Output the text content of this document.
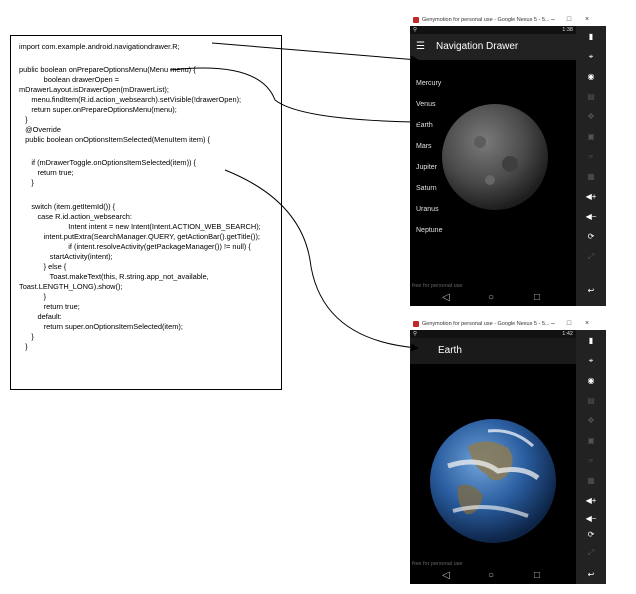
import com.example.android.navigationdrawer.R;
public boolean onPrepareOptionsMenu(Menu menu) {
boolean drawerOpen =
mDrawerLayout.isDrawerOpen(mDrawerList);
menu.findItem(R.id.action_websearch).setVisible(!drawerOpen);
return super.onPrepareOptionsMenu(menu);
}
@Override
public boolean onOptionsItemSelected(MenuItem item) {
if (mDrawerToggle.onOptionsItemSelected(item)) {
return true;
}
switch (item.getItemId()) {
case R.id.action_websearch:
Intent intent = new Intent(Intent.ACTION_WEB_SEARCH);
intent.putExtra(SearchManager.QUERY, getActionBar().getTitle());
if (intent.resolveActivity(getPackageManager()) != null) {
startActivity(intent);
} else {
Toast.makeText(this, R.string.app_not_available,
Toast.LENGTH_LONG).show();
}
return true;
default:
return super.onOptionsItemSelected(item);
}
}
Genymotion for personal use - Google Nexus 5 - 5... –	□	×
⚲	1:38
☰ Navigation Drawer
Mercury
Venus
Earth
Mars
Jupiter
Saturn
Uranus
Neptune
free for personal use
◁	○	□
▮
⌖
◉
▤
✥
▣
≈
▦
◀+
◀−
⟳
⤢
↩
Genymotion for personal use - Google Nexus 5 - 5... –	□	×
⚲	1:42
Earth
free for personal use
◁	○	□
▮
⌖
◉
▤
✥
▣
≈
▦
◀+
◀−
⟳
⤢
↩
